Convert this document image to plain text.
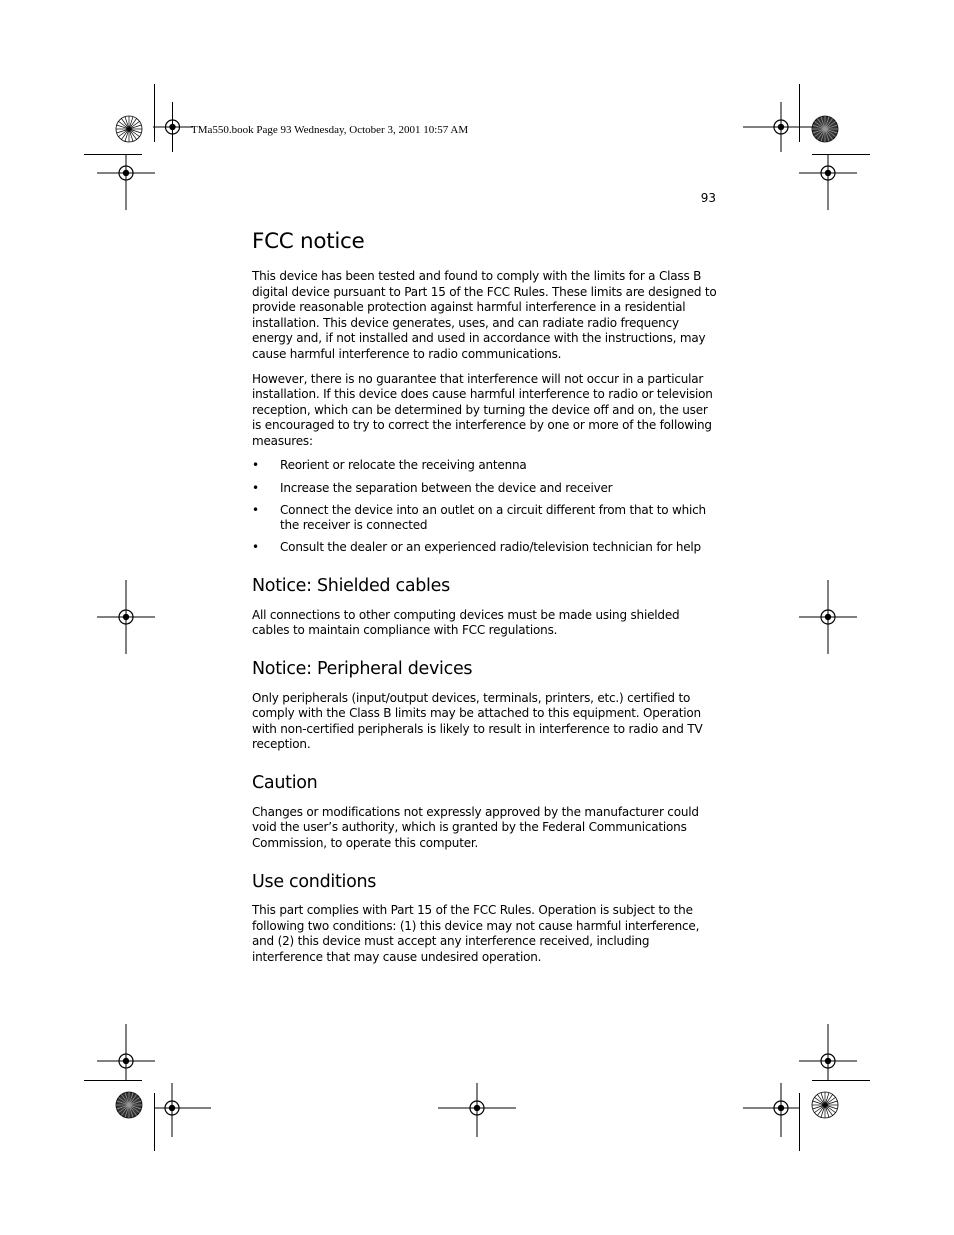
TMa550.book Page 93 Wednesday, October 3, 2001 10:57 AM
93
FCC notice

This device has been tested and found to comply with the limits for a Class B digital device pursuant to Part 15 of the FCC Rules. These limits are designed to provide reasonable protection against harmful interference in a residential installation. This device generates, uses, and can radiate radio frequency energy and, if not installed and used in accordance with the instructions, may cause harmful interference to radio communications.

However, there is no guarantee that interference will not occur in a particular installation. If this device does cause harmful interference to radio or television reception, which can be determined by turning the device off and on, the user is encouraged to try to correct the interference by one or more of the following measures:

• Reorient or relocate the receiving antenna
• Increase the separation between the device and receiver
• Connect the device into an outlet on a circuit different from that to which the receiver is connected
• Consult the dealer or an experienced radio/television technician for help
Notice: Shielded cables

All connections to other computing devices must be made using shielded cables to maintain compliance with FCC regulations.

Notice: Peripheral devices

Only peripherals (input/output devices, terminals, printers, etc.) certified to comply with the Class B limits may be attached to this equipment. Operation with non-certified peripherals is likely to result in interference to radio and TV reception.

Caution

Changes or modifications not expressly approved by the manufacturer could void the user’s authority, which is granted by the Federal Communications Commission, to operate this computer.

Use conditions

This part complies with Part 15 of the FCC Rules. Operation is subject to the following two conditions: (1) this device may not cause harmful interference, and (2) this device must accept any interference received, including interference that may cause undesired operation.
